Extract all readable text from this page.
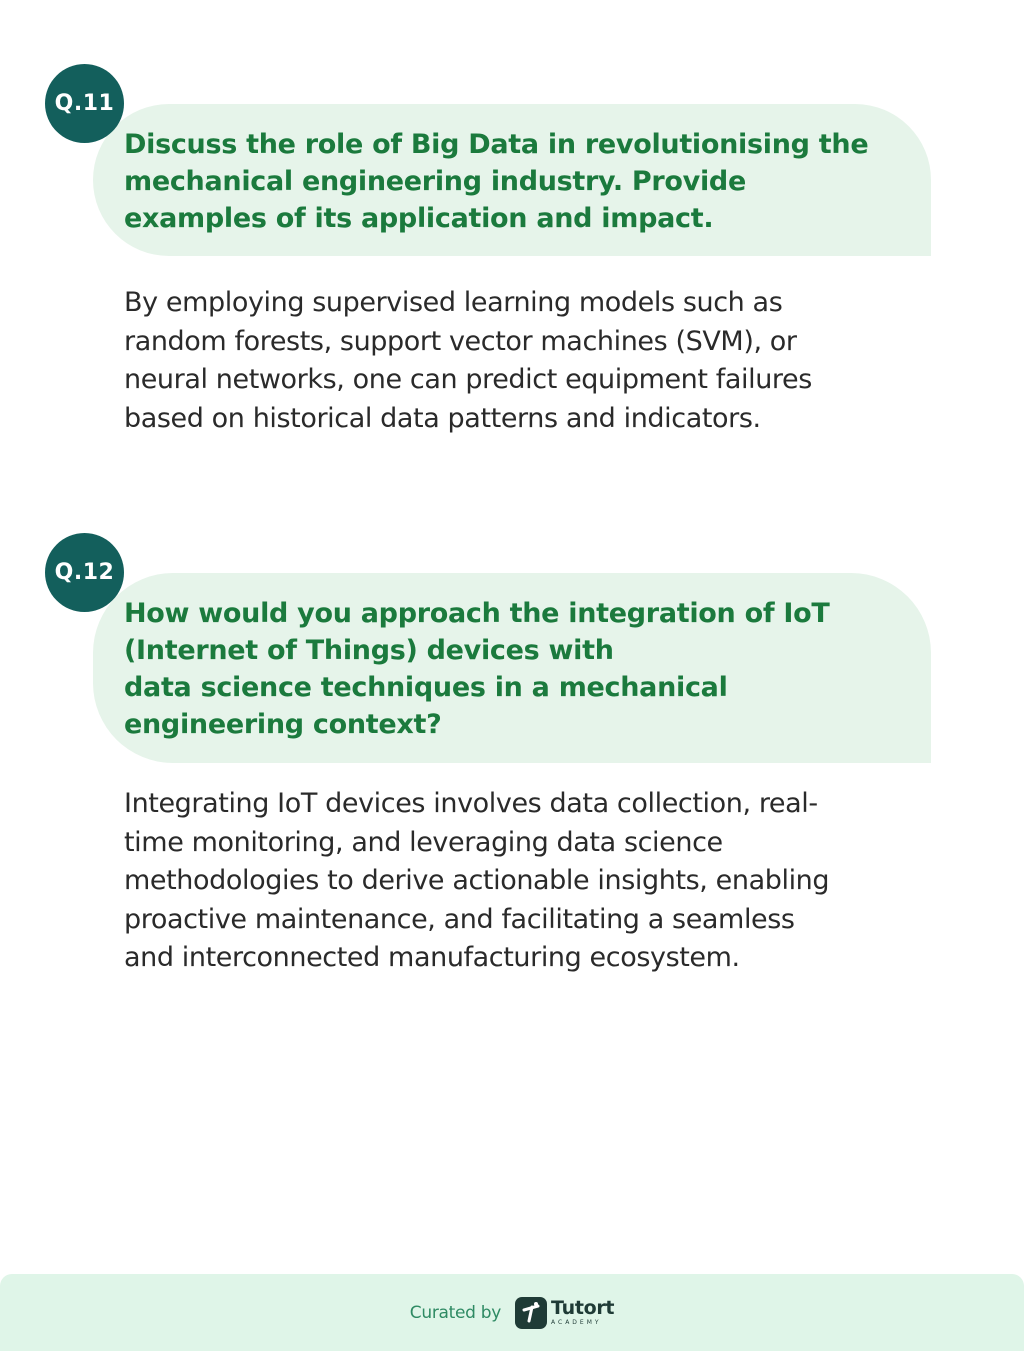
Q.11
Discuss the role of Big Data in revolutionising the
mechanical engineering industry. Provide
examples of its application and impact.

By employing supervised learning models such as
random forests, support vector machines (SVM), or
neural networks, one can predict equipment failures
based on historical data patterns and indicators.

Q.12
How would you approach the integration of IoT
(Internet of Things) devices with
data science techniques in a mechanical
engineering context?

Integrating IoT devices involves data collection, real-
time monitoring, and leveraging data science
methodologies to derive actionable insights, enabling
proactive maintenance, and facilitating a seamless
and interconnected manufacturing ecosystem.

Curated by	Tutort
ACADEMY
